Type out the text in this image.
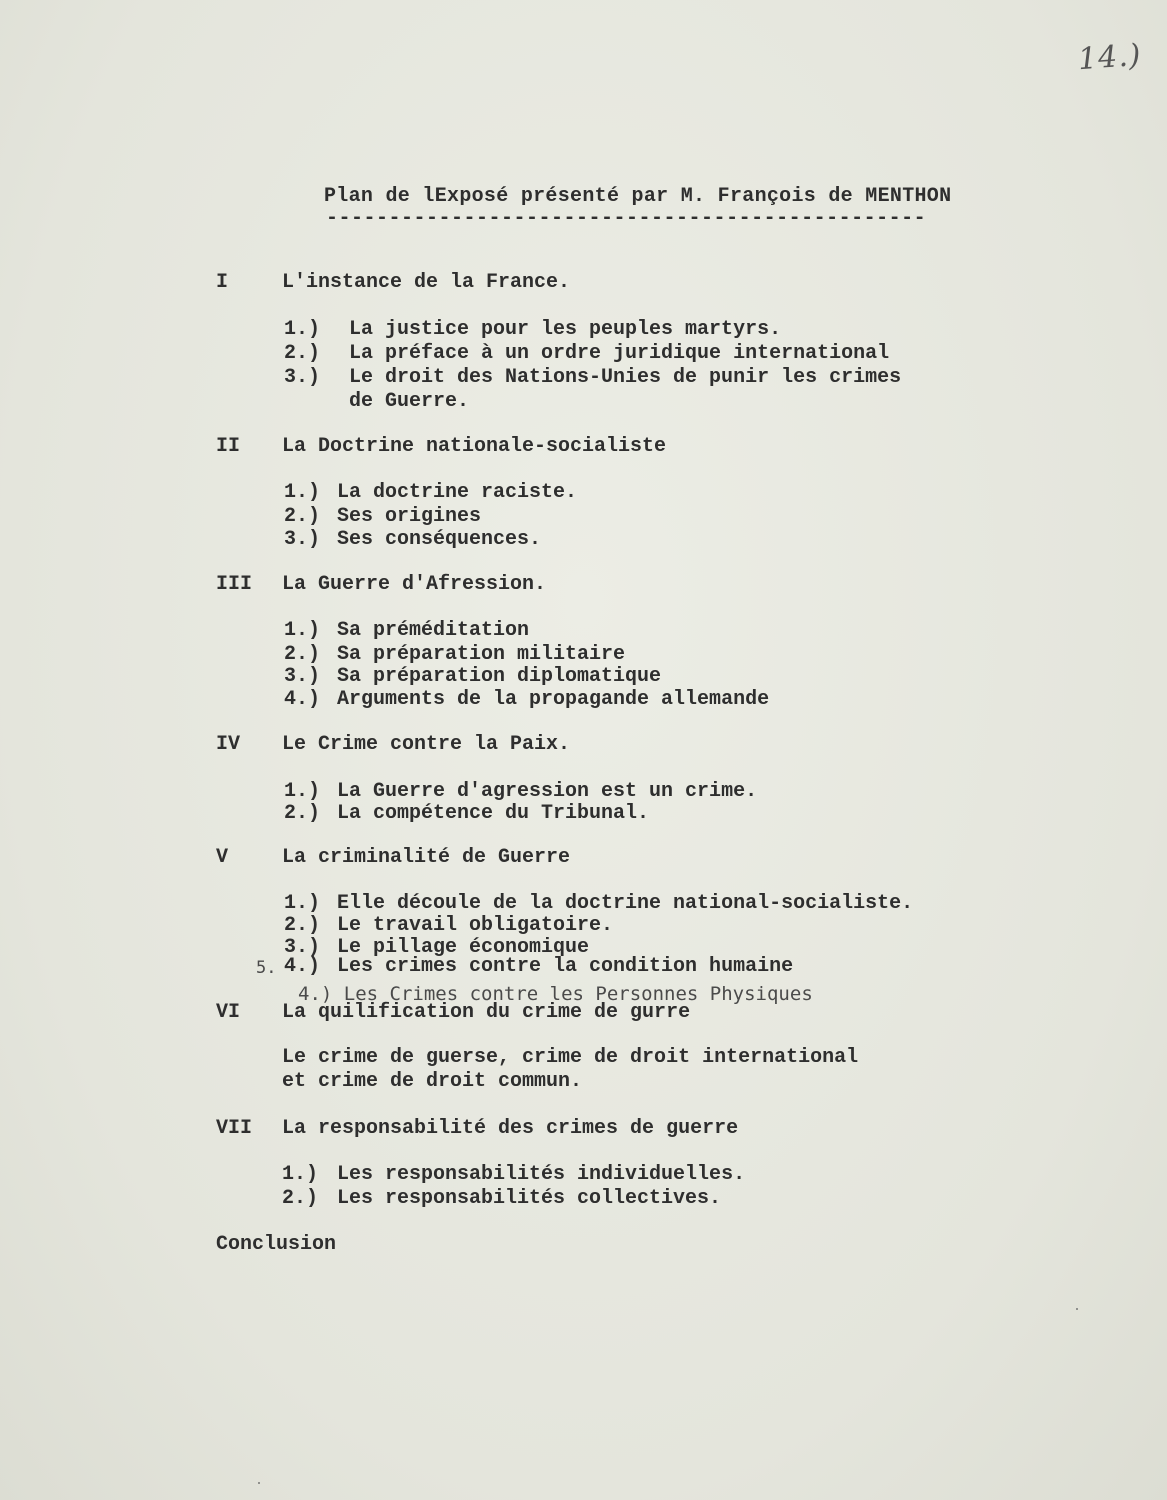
14.)
Plan de lExposé présenté par M. François de MENTHON
------------------------------------------------
I	L'instance de la France.
1.) La justice pour les peuples martyrs.
2.) La préface à un ordre juridique international
3.) Le droit des Nations-Unies de punir les crimes
de Guerre.
II La Doctrine nationale-socialiste
1.) La doctrine raciste.
2.) Ses origines
3.) Ses conséquences.
III La Guerre d'Afression.
1.) Sa préméditation
2.) Sa préparation militaire
3.) Sa préparation diplomatique
4.) Arguments de la propagande allemande
IV Le Crime contre la Paix.
1.) La Guerre d'agression est un crime.
2.) La compétence du Tribunal.
V	La criminalité de Guerre
1.) Elle découle de la doctrine national-socialiste.
2.) Le travail obligatoire.
3.) Le pillage économique
5. 4.) Les crimes contre la condition humaine
4.) Les Crimes contre les Personnes Physiques
VI La quilification du crime de gurre
Le crime de guerse, crime de droit international
et crime de droit commun.
VII La responsabilité des crimes de guerre
1.) Les responsabilités individuelles.
2.) Les responsabilités collectives.
Conclusion
